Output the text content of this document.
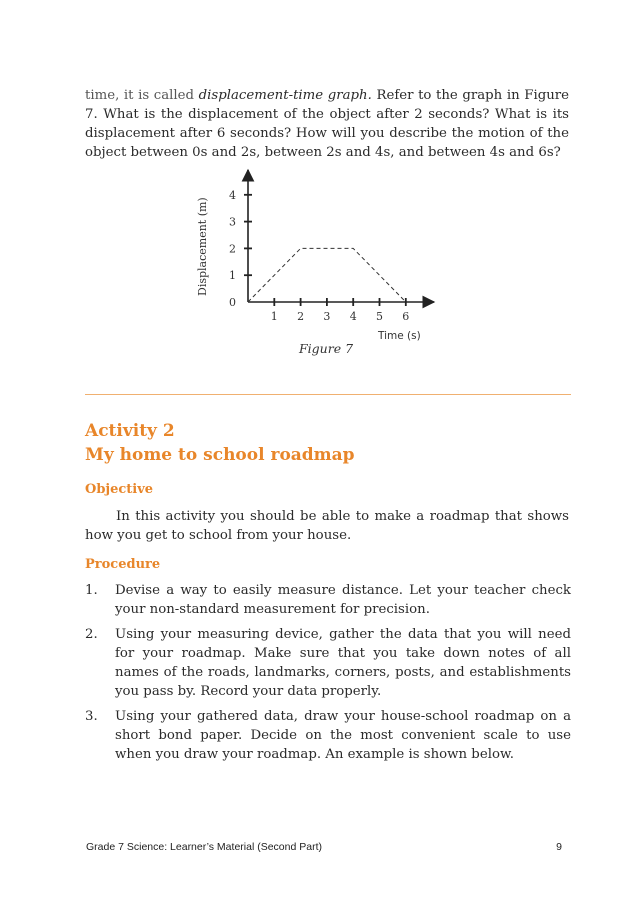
time, it is called displacement-time graph. Refer to the graph in Figure 7. What is the displacement of the object after 2 seconds? What is its displacement after 6 seconds? How will you describe the motion of the object between 0s and 2s, between 2s and 4s, and between 4s and 6s?

1 2 3 4 5 6
0
1
2
3
4
Time (s)
Displacement (m)
Figure 7
Activity 2
My home to school roadmap
Objective

In this activity you should be able to make a roadmap that shows how you get to school from your house.

Procedure
1. Devise a way to easily measure distance. Let your teacher check your non-standard measurement for precision.
2. Using your measuring device, gather the data that you will need for your roadmap. Make sure that you take down notes of all names of the roads, landmarks, corners, posts, and establishments you pass by. Record your data properly.
3. Using your gathered data, draw your house-school roadmap on a short bond paper. Decide on the most convenient scale to use when you draw your roadmap. An example is shown below.
Grade 7 Science: Learner’s Material (Second Part)	9
